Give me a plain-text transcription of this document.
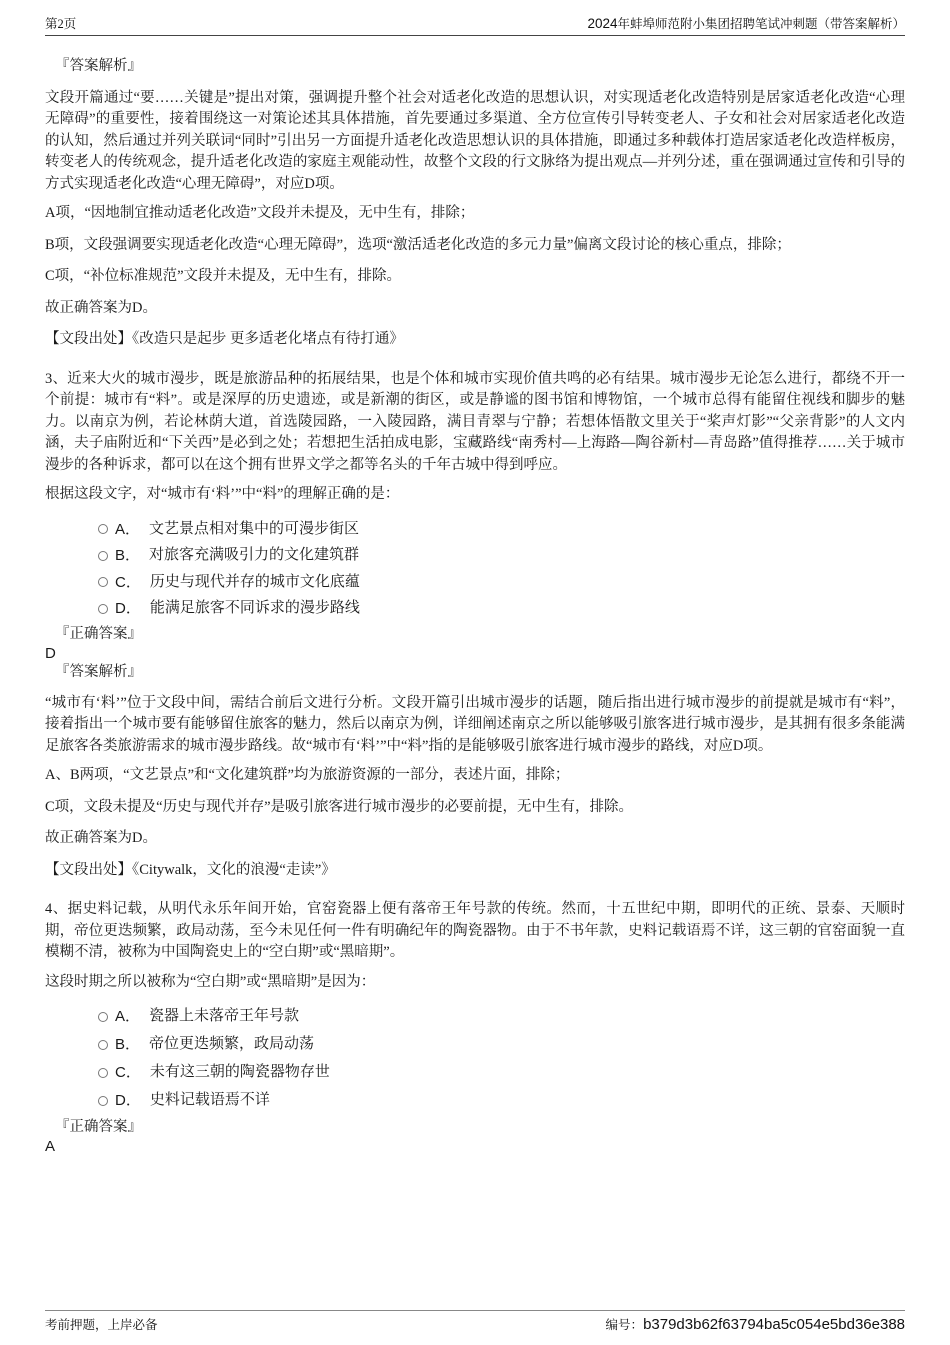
第2页	2024年蚌埠师范附小集团招聘笔试冲刺题（带答案解析）
『答案解析』

文段开篇通过“要……关键是”提出对策，强调提升整个社会对适老化改造的思想认识，对实现适老化改造特别是居家适老化改造“心理无障碍”的重要性，接着围绕这一对策论述其具体措施，首先要通过多渠道、全方位宣传引导转变老人、子女和社会对居家适老化改造的认知，然后通过并列关联词“同时”引出另一方面提升适老化改造思想认识的具体措施，即通过多种载体打造居家适老化改造样板房，转变老人的传统观念，提升适老化改造的家庭主观能动性，故整个文段的行文脉络为提出观点—并列分述，重在强调通过宣传和引导的方式实现适老化改造“心理无障碍”，对应D项。

A项，“因地制宜推动适老化改造”文段并未提及，无中生有，排除；

B项，文段强调要实现适老化改造“心理无障碍”，选项“激活适老化改造的多元力量”偏离文段讨论的核心重点，排除；

C项，“补位标准规范”文段并未提及，无中生有，排除。

故正确答案为D。

【文段出处】《改造只是起步 更多适老化堵点有待打通》

3、近来大火的城市漫步，既是旅游品种的拓展结果，也是个体和城市实现价值共鸣的必有结果。城市漫步无论怎么进行，都绕不开一个前提：城市有“料”。或是深厚的历史遗迹，或是新潮的街区，或是静谧的图书馆和博物馆，一个城市总得有能留住视线和脚步的魅力。以南京为例，若论林荫大道，首选陵园路，一入陵园路，满目青翠与宁静；若想体悟散文里关于“桨声灯影”“父亲背影”的人文内涵，夫子庙附近和“下关西”是必到之处；若想把生活拍成电影，宝藏路线“南秀村—上海路—陶谷新村—青岛路”值得推荐……关于城市漫步的各种诉求，都可以在这个拥有世界文学之都等名头的千年古城中得到呼应。

根据这段文字，对“城市有‘料’”中“料”的理解正确的是：

A． 文艺景点相对集中的可漫步街区
B． 对旅客充满吸引力的文化建筑群
C． 历史与现代并存的城市文化底蕴
D． 能满足旅客不同诉求的漫步路线
『正确答案』
D
『答案解析』

“城市有‘料’”位于文段中间，需结合前后文进行分析。文段开篇引出城市漫步的话题，随后指出进行城市漫步的前提就是城市有“料”，接着指出一个城市要有能够留住旅客的魅力，然后以南京为例，详细阐述南京之所以能够吸引旅客进行城市漫步，是其拥有很多条能满足旅客各类旅游需求的城市漫步路线。故“城市有‘料’”中“料”指的是能够吸引旅客进行城市漫步的路线，对应D项。

A、B两项，“文艺景点”和“文化建筑群”均为旅游资源的一部分，表述片面，排除；

C项，文段未提及“历史与现代并存”是吸引旅客进行城市漫步的必要前提，无中生有，排除。

故正确答案为D。

【文段出处】《Citywalk，文化的浪漫“走读”》

4、据史料记载，从明代永乐年间开始，官窑瓷器上便有落帝王年号款的传统。然而，十五世纪中期，即明代的正统、景泰、天顺时期，帝位更迭频繁，政局动荡，至今未见任何一件有明确纪年的陶瓷器物。由于不书年款，史料记载语焉不详，这三朝的官窑面貌一直模糊不清，被称为中国陶瓷史上的“空白期”或“黑暗期”。

这段时期之所以被称为“空白期”或“黑暗期”是因为：

A． 瓷器上未落帝王年号款
B． 帝位更迭频繁，政局动荡
C． 未有这三朝的陶瓷器物存世
D． 史料记载语焉不详
『正确答案』
A
考前押题，上岸必备	编号：b379d3b62f63794ba5c054e5bd36e388
